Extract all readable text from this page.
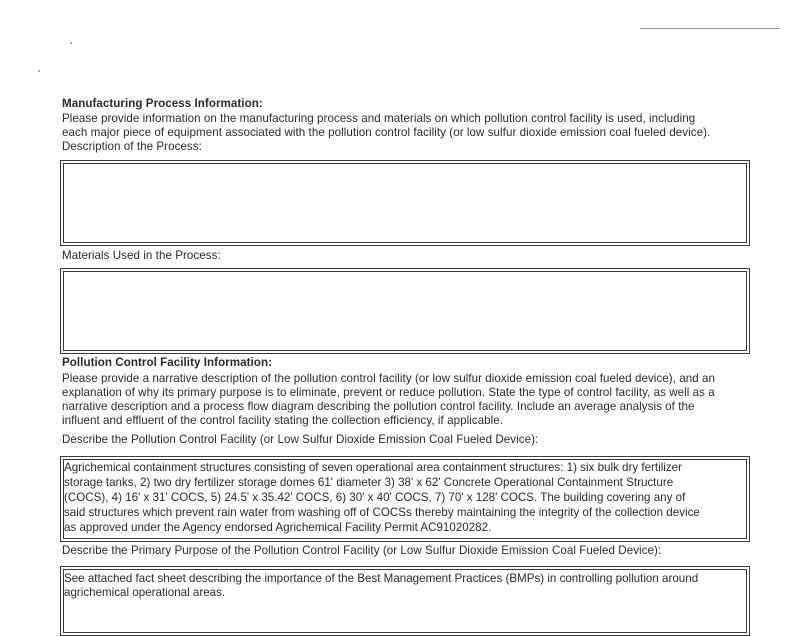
Manufacturing Process Information:
Please provide information on the manufacturing process and materials on which pollution control facility is used, including
each major piece of equipment associated with the pollution control facility (or low sulfur dioxide emission coal fueled device).
Description of the Process:
Materials Used in the Process:
Pollution Control Facility Information:
Please provide a narrative description of the pollution control facility (or low sulfur dioxide emission coal fueled device), and an
explanation of why its primary purpose is to eliminate, prevent or reduce pollution. State the type of control facility, as well as a
narrative description and a process flow diagram describing the pollution control facility. Include an average analysis of the
influent and effluent of the control facility stating the collection efficiency, if applicable.
Describe the Pollution Control Facility (or Low Sulfur Dioxide Emission Coal Fueled Device):
Agrichemical containment structures consisting of seven operational area containment structures: 1) six bulk dry fertilizer
storage tanks, 2) two dry fertilizer storage domes 61' diameter 3) 38' x 62' Concrete Operational Containment Structure
(COCS), 4) 16' x 31' COCS, 5) 24.5' x 35.42' COCS, 6) 30' x 40' COCS, 7) 70' x 128' COCS. The building covering any of
said structures which prevent rain water from washing off of COCSs thereby maintaining the integrity of the collection device
as approved under the Agency endorsed Agrichemical Facility Permit AC91020282.
Describe the Primary Purpose of the Pollution Control Facility (or Low Sulfur Dioxide Emission Coal Fueled Device):
See attached fact sheet describing the importance of the Best Management Practices (BMPs) in controlling pollution around
agrichemical operational areas.
